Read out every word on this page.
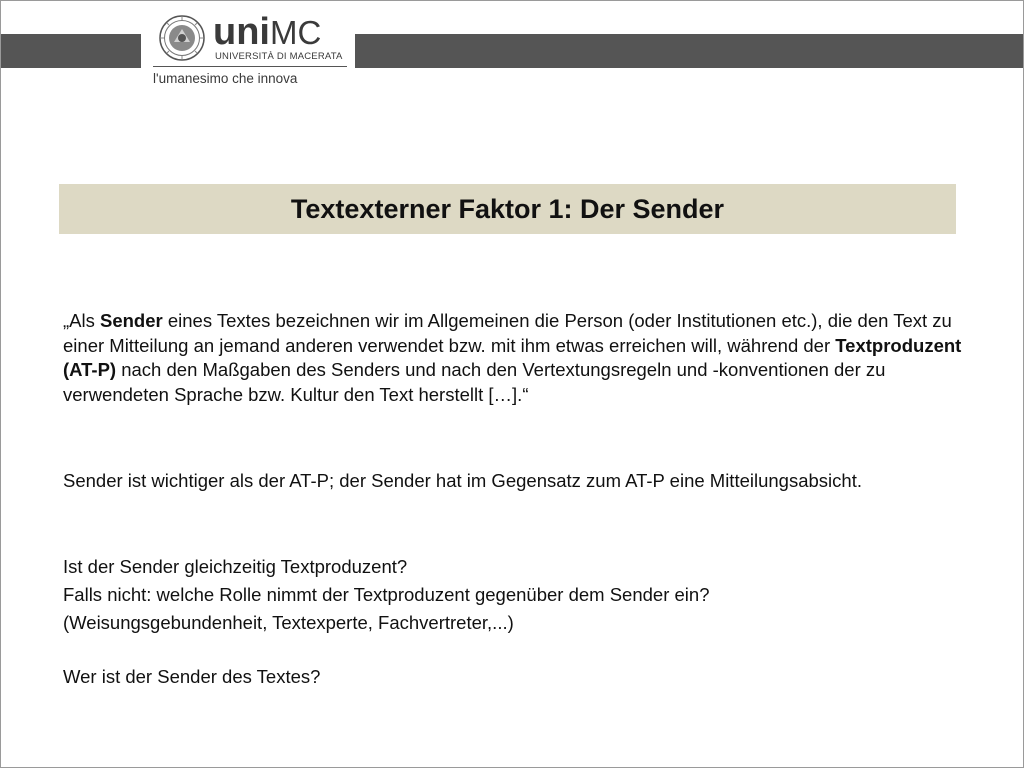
uniMC
UNIVERSITÀ DI MACERATA
l'umanesimo che innova
Textexterner Faktor 1: Der Sender

„Als Sender eines Textes bezeichnen wir im Allgemeinen die Person (oder Institutionen etc.), die den Text zu einer Mitteilung an jemand anderen verwendet bzw. mit ihm etwas erreichen will, während der Textproduzent (AT-P) nach den Maßgaben des Senders und nach den Vertextungsregeln und -konventionen der zu verwendeten Sprache bzw. Kultur den Text herstellt […].“

Sender ist wichtiger als der AT-P; der Sender hat im Gegensatz zum AT-P eine Mitteilungsabsicht.

Ist der Sender gleichzeitig Textproduzent?

Falls nicht: welche Rolle nimmt der Textproduzent gegenüber dem Sender ein?

(Weisungsgebundenheit, Textexperte, Fachvertreter,...)

Wer ist der Sender des Textes?
